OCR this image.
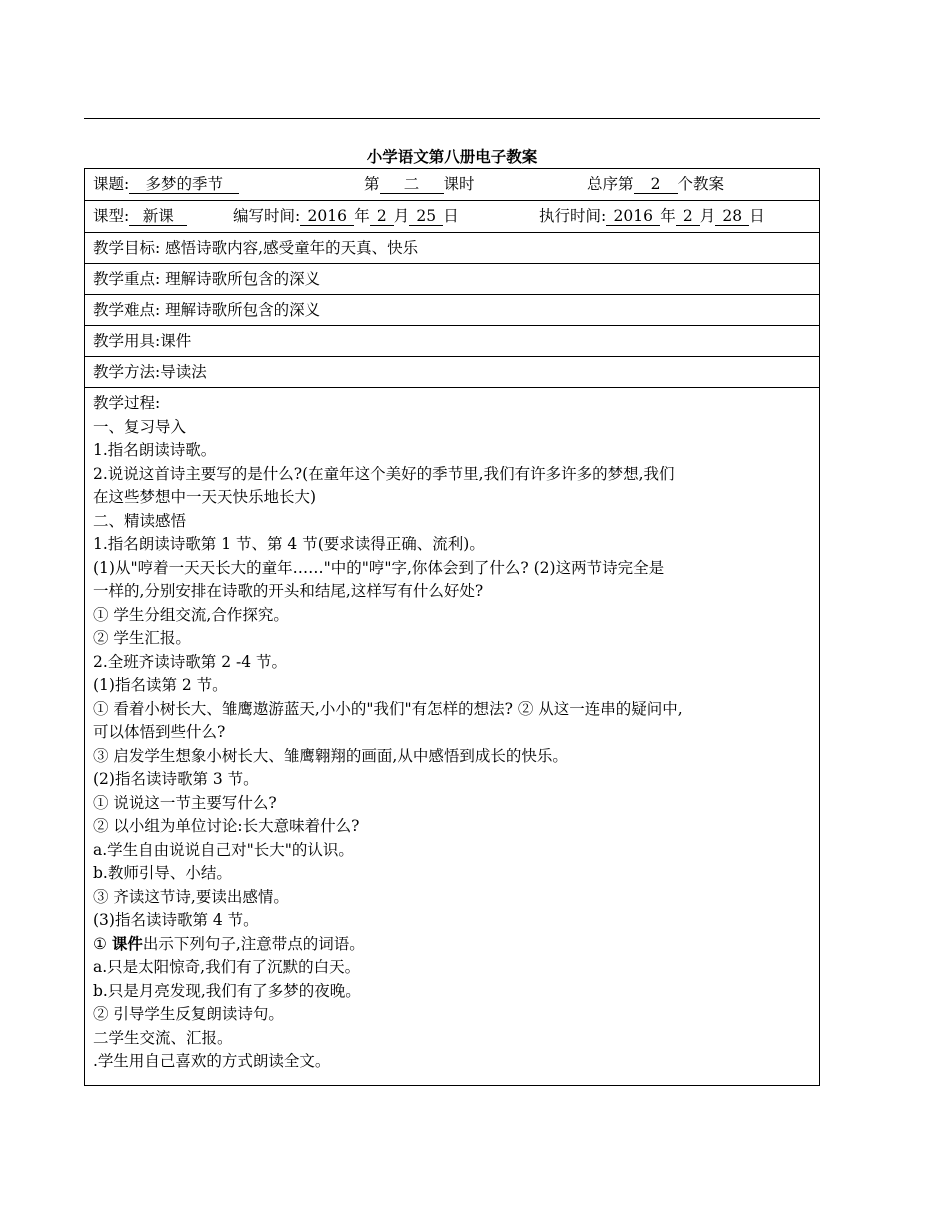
小学语文第八册电子教案
课题: 多梦的季节	第 二 课时	总序第 2 个教案
课型: 新课	编写时间: 2016 年 2 月 25 日	执行时间: 2016 年 2 月 28 日
教学目标: 感悟诗歌内容,感受童年的天真、快乐
教学重点: 理解诗歌所包含的深义
教学难点: 理解诗歌所包含的深义
教学用具:课件
教学方法:导读法
教学过程:
一、复习导入
1.指名朗读诗歌。
2.说说这首诗主要写的是什么?(在童年这个美好的季节里,我们有许多许多的梦想,我们
在这些梦想中一天天快乐地长大)
二、精读感悟
1.指名朗读诗歌第 1 节、第 4 节(要求读得正确、流利)。
(1)从"哼着一天天长大的童年……"中的"哼"字,你体会到了什么? (2)这两节诗完全是
一样的,分别安排在诗歌的开头和结尾,这样写有什么好处?
① 学生分组交流,合作探究。
② 学生汇报。
2.全班齐读诗歌第 2 -4 节。
(1)指名读第 2 节。
① 看着小树长大、雏鹰遨游蓝天,小小的"我们"有怎样的想法? ② 从这一连串的疑问中,
可以体悟到些什么?
③ 启发学生想象小树长大、雏鹰翱翔的画面,从中感悟到成长的快乐。
(2)指名读诗歌第 3 节。
① 说说这一节主要写什么?
② 以小组为单位讨论:长大意味着什么?
a.学生自由说说自己对"长大"的认识。
b.教师引导、小结。
③ 齐读这节诗,要读出感情。
(3)指名读诗歌第 4 节。
① 课件出示下列句子,注意带点的词语。
a.只是太阳惊奇,我们有了沉默的白天。
b.只是月亮发现,我们有了多梦的夜晚。
② 引导学生反复朗读诗句。
二学生交流、汇报。
.学生用自己喜欢的方式朗读全文。
